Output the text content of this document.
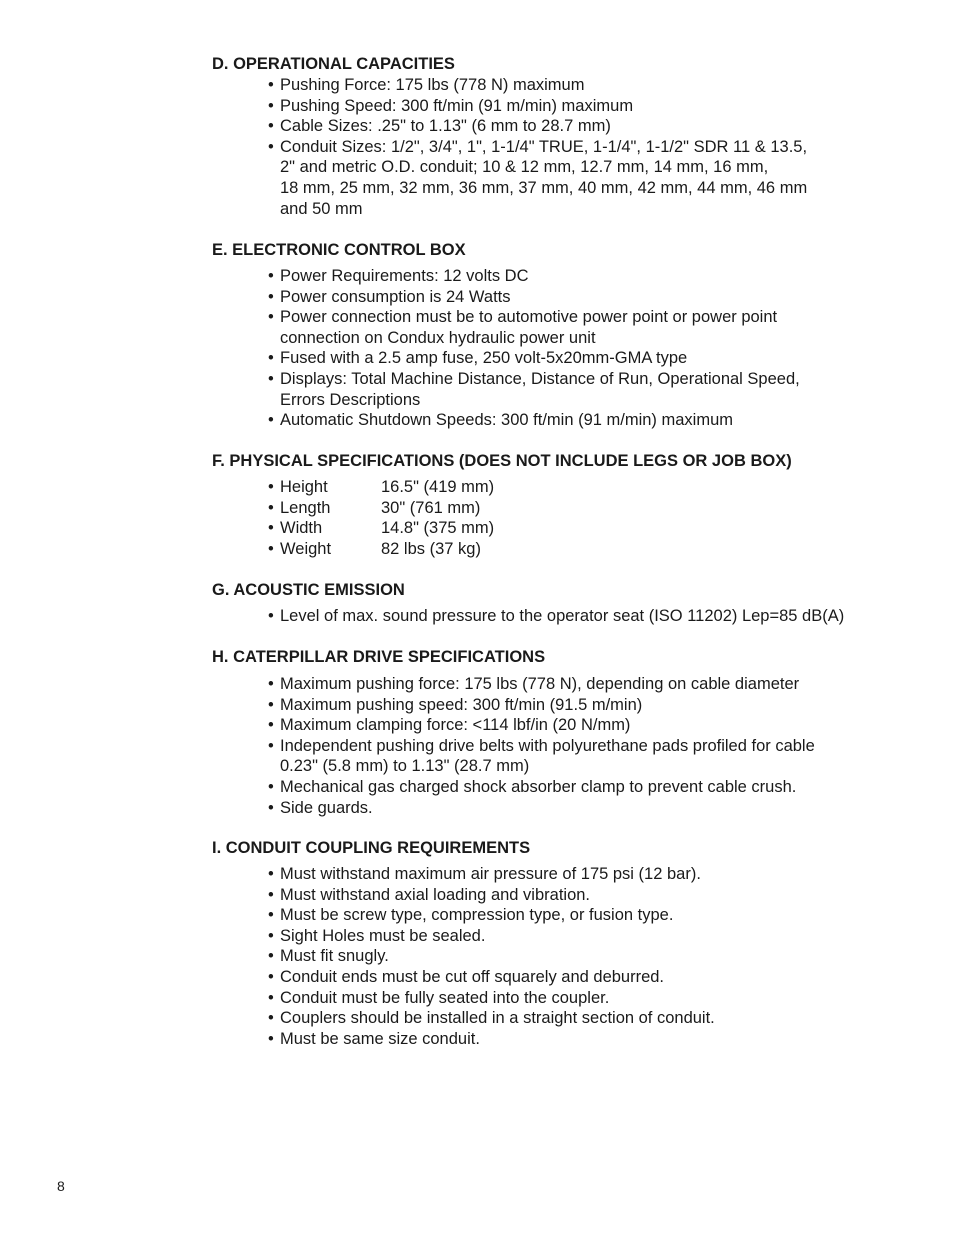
D. OPERATIONAL CAPACITIES
• Pushing Force: 175 lbs (778 N) maximum
• Pushing Speed: 300 ft/min (91 m/min) maximum
• Cable Sizes: .25" to 1.13" (6 mm to 28.7 mm)
• Conduit Sizes: 1/2", 3/4", 1", 1-1/4" TRUE, 1-1/4", 1-1/2" SDR 11 & 13.5,
2" and metric O.D. conduit; 10 & 12 mm, 12.7 mm, 14 mm, 16 mm,
18 mm, 25 mm, 32 mm, 36 mm, 37 mm, 40 mm, 42 mm, 44 mm, 46 mm
and 50 mm
E. ELECTRONIC CONTROL BOX
• Power Requirements: 12 volts DC
• Power consumption is 24 Watts
• Power connection must be to automotive power point or power point
connection on Condux hydraulic power unit
• Fused with a 2.5 amp fuse, 250 volt-5x20mm-GMA type
• Displays: Total Machine Distance, Distance of Run, Operational Speed,
Errors Descriptions
• Automatic Shutdown Speeds: 300 ft/min (91 m/min) maximum
F. PHYSICAL SPECIFICATIONS (DOES NOT INCLUDE LEGS OR JOB BOX)
• Height	16.5" (419 mm)
• Length	30" (761 mm)
• Width	14.8" (375 mm)
• Weight	82 lbs (37 kg)
G. ACOUSTIC EMISSION
• Level of max. sound pressure to the operator seat (ISO 11202) Lep=85 dB(A)
H. CATERPILLAR DRIVE SPECIFICATIONS
• Maximum pushing force: 175 lbs (778 N), depending on cable diameter
• Maximum pushing speed: 300 ft/min (91.5 m/min)
• Maximum clamping force: <114 lbf/in (20 N/mm)
• Independent pushing drive belts with polyurethane pads profiled for cable
0.23" (5.8 mm) to 1.13" (28.7 mm)
• Mechanical gas charged shock absorber clamp to prevent cable crush.
• Side guards.
I. CONDUIT COUPLING REQUIREMENTS
• Must withstand maximum air pressure of 175 psi (12 bar).
• Must withstand axial loading and vibration.
• Must be screw type, compression type, or fusion type.
• Sight Holes must be sealed.
• Must fit snugly.
• Conduit ends must be cut off squarely and deburred.
• Conduit must be fully seated into the coupler.
• Couplers should be installed in a straight section of conduit.
• Must be same size conduit.
8
